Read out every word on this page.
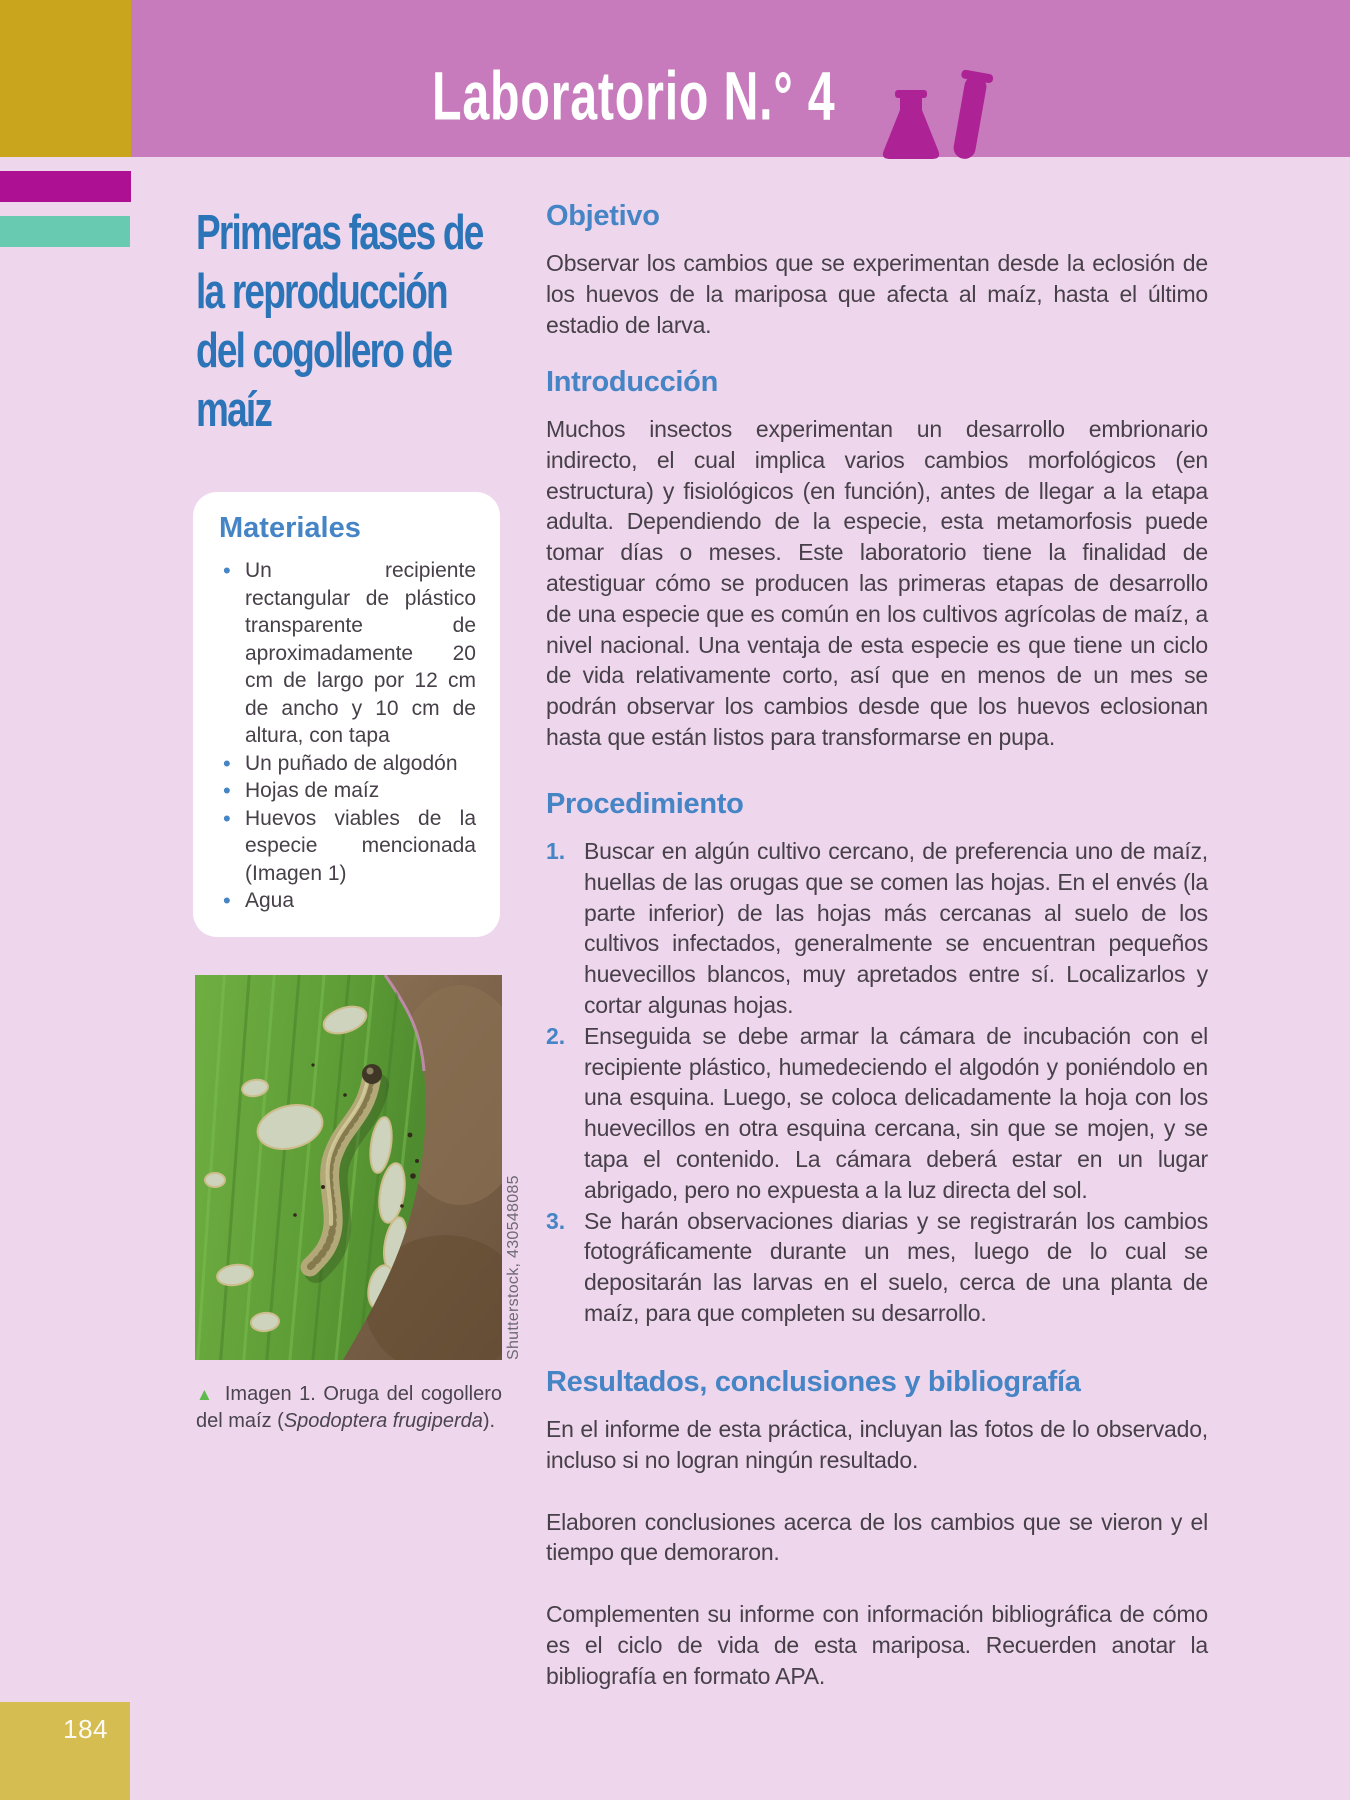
Laboratorio N.° 4
Primeras fases de
la reproducción
del cogollero de
maíz
Materiales
• Un recipiente rectangular de plástico transparente de aproximadamente 20 cm de largo por 12 cm de ancho y 10 cm de altura, con tapa
• Un puñado de algodón
• Hojas de maíz
• Huevos viables de la especie mencionada (Imagen 1)
• Agua
Shutterstock, 430548085
▲ Imagen 1. Oruga del cogollero del maíz (Spodoptera frugiperda).
Objetivo

Observar los cambios que se experimentan desde la eclosión de los huevos de la mariposa que afecta al maíz, hasta el último estadio de larva.

Introducción

Muchos insectos experimentan un desarrollo embrionario indirecto, el cual implica varios cambios morfológicos (en estructura) y fisiológicos (en función), antes de llegar a la etapa adulta. Dependiendo de la especie, esta metamorfosis puede tomar días o meses. Este laboratorio tiene la finalidad de atestiguar cómo se producen las primeras etapas de desarrollo de una especie que es común en los cultivos agrícolas de maíz, a nivel nacional. Una ventaja de esta especie es que tiene un ciclo de vida relativamente corto, así que en menos de un mes se podrán observar los cambios desde que los huevos eclosionan hasta que están listos para transformarse en pupa.

Procedimiento
1. Buscar en algún cultivo cercano, de preferencia uno de maíz, huellas de las orugas que se comen las hojas. En el envés (la parte inferior) de las hojas más cercanas al suelo de los cultivos infectados, generalmente se encuentran pequeños huevecillos blancos, muy apretados entre sí. Localizarlos y cortar algunas hojas.
2. Enseguida se debe armar la cámara de incubación con el recipiente plástico, humedeciendo el algodón y poniéndolo en una esquina. Luego, se coloca delicadamente la hoja con los huevecillos en otra esquina cercana, sin que se mojen, y se tapa el contenido. La cámara deberá estar en un lugar abrigado, pero no expuesta a la luz directa del sol.
3. Se harán observaciones diarias y se registrarán los cambios fotográficamente durante un mes, luego de lo cual se depositarán las larvas en el suelo, cerca de una planta de maíz, para que completen su desarrollo.
Resultados, conclusiones y bibliografía

En el informe de esta práctica, incluyan las fotos de lo observado, incluso si no logran ningún resultado.

Elaboren conclusiones acerca de los cambios que se vieron y el tiempo que demoraron.

Complementen su informe con información bibliográfica de cómo es el ciclo de vida de esta mariposa. Recuerden anotar la bibliografía en formato APA.

184
